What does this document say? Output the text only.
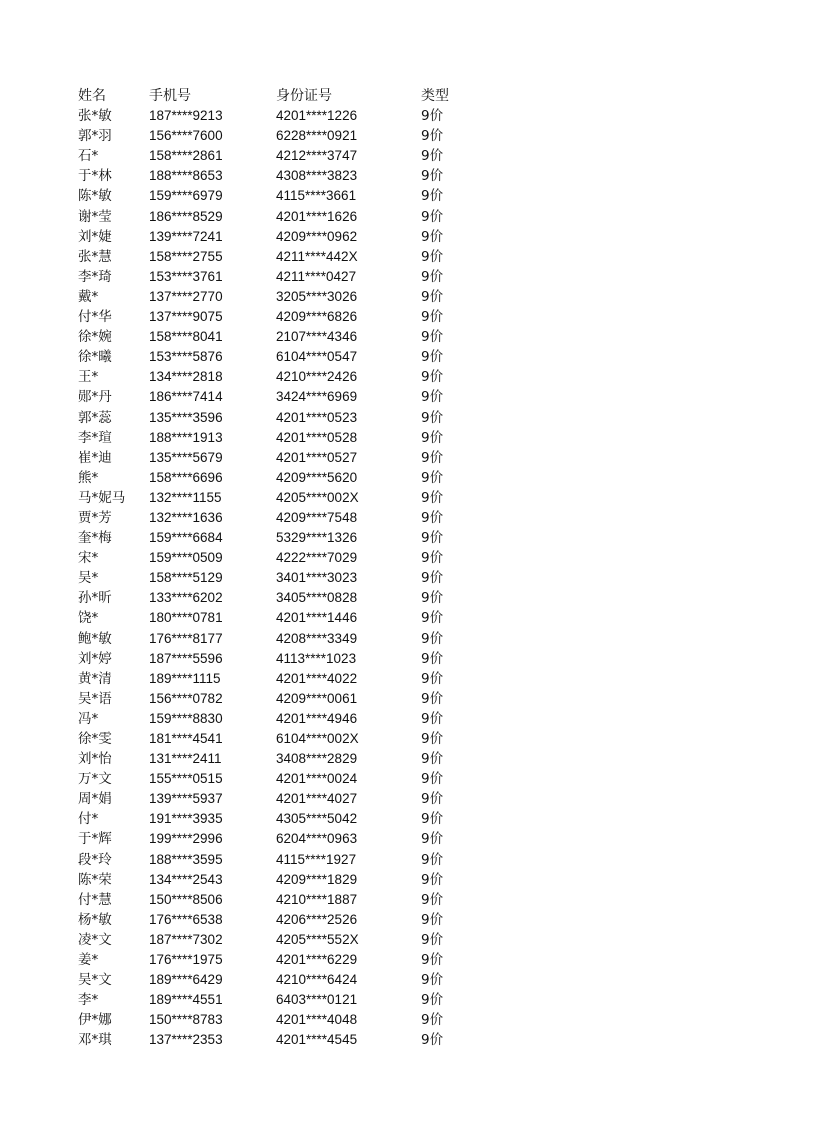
姓名	手机号	身份证号	类型
张*敏	187****9213	4201****1226	9价
郭*羽	156****7600	6228****0921	9价
石*	158****2861	4212****3747	9价
于*林	188****8653	4308****3823	9价
陈*敏	159****6979	4115****3661	9价
谢*莹	186****8529	4201****1626	9价
刘*婕	139****7241	4209****0962	9价
张*慧	158****2755	4211****442X	9价
李*琦	153****3761	4211****0427	9价
戴*	137****2770	3205****3026	9价
付*华	137****9075	4209****6826	9价
徐*婉	158****8041	2107****4346	9价
徐*曦	153****5876	6104****0547	9价
王*	134****2818	4210****2426	9价
郧*丹	186****7414	3424****6969	9价
郭*蕊	135****3596	4201****0523	9价
李*瑄	188****1913	4201****0528	9价
崔*迪	135****5679	4201****0527	9价
熊*	158****6696	4209****5620	9价
马*妮马	132****1155	4205****002X	9价
贾*芳	132****1636	4209****7548	9价
奎*梅	159****6684	5329****1326	9价
宋*	159****0509	4222****7029	9价
吴*	158****5129	3401****3023	9价
孙*昕	133****6202	3405****0828	9价
饶*	180****0781	4201****1446	9价
鲍*敏	176****8177	4208****3349	9价
刘*婷	187****5596	4113****1023	9价
黄*清	189****1115	4201****4022	9价
吴*语	156****0782	4209****0061	9价
冯*	159****8830	4201****4946	9价
徐*雯	181****4541	6104****002X	9价
刘*怡	131****2411	3408****2829	9价
万*文	155****0515	4201****0024	9价
周*娟	139****5937	4201****4027	9价
付*	191****3935	4305****5042	9价
于*辉	199****2996	6204****0963	9价
段*玲	188****3595	4115****1927	9价
陈*荣	134****2543	4209****1829	9价
付*慧	150****8506	4210****1887	9价
杨*敏	176****6538	4206****2526	9价
凌*文	187****7302	4205****552X	9价
姜*	176****1975	4201****6229	9价
吴*文	189****6429	4210****6424	9价
李*	189****4551	6403****0121	9价
伊*娜	150****8783	4201****4048	9价
邓*琪	137****2353	4201****4545	9价
